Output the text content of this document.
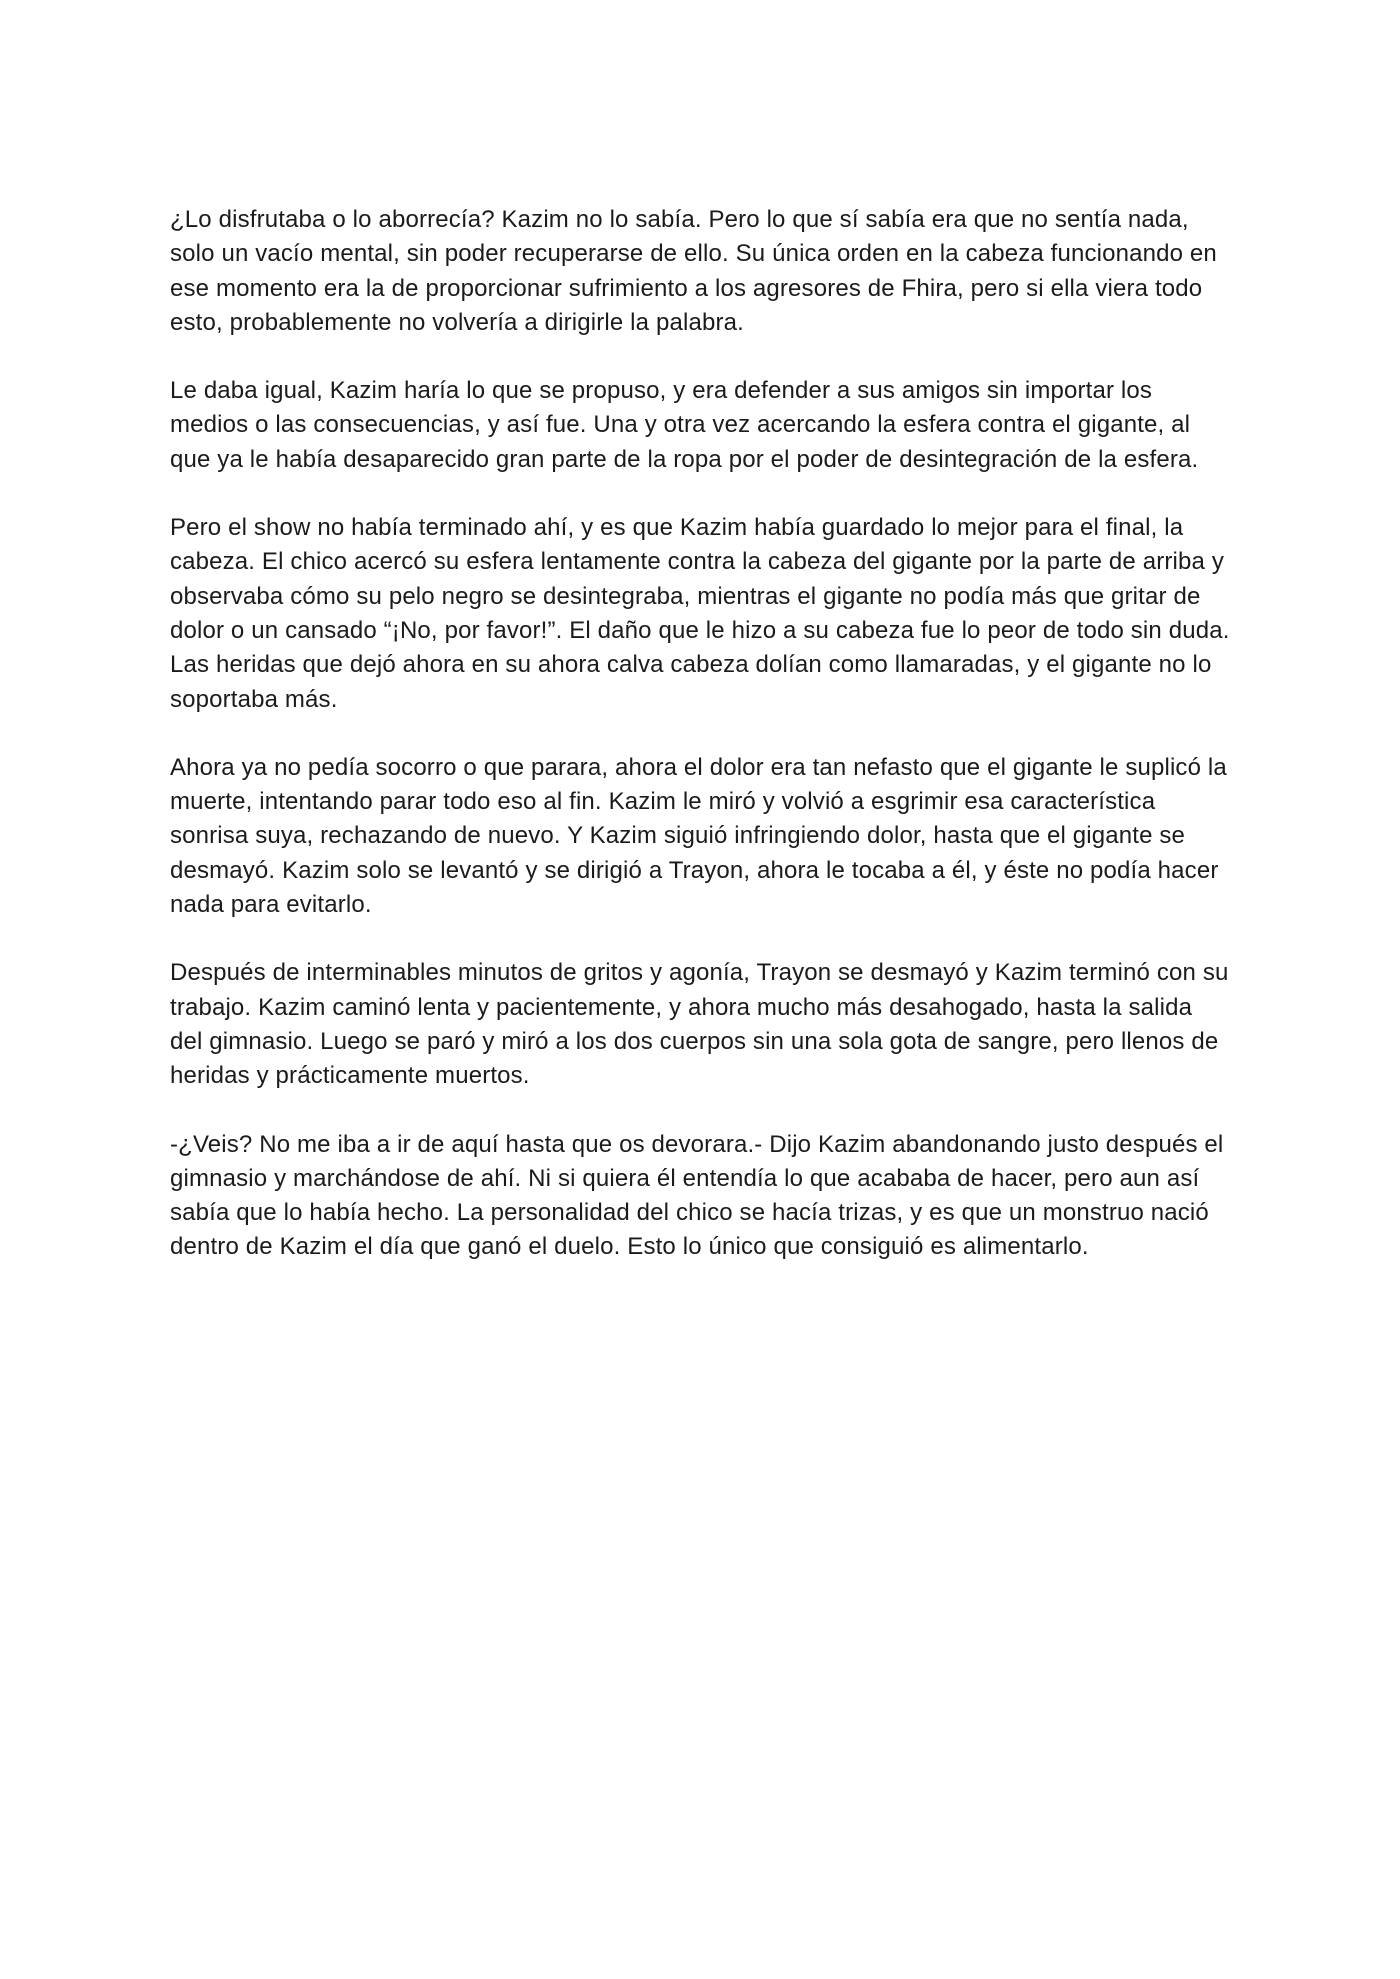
¿Lo disfrutaba o lo aborrecía? Kazim no lo sabía. Pero lo que sí sabía era que no sentía nada, solo un vacío mental, sin poder recuperarse de ello. Su única orden en la cabeza funcionando en ese momento era la de proporcionar sufrimiento a los agresores de Fhira, pero si ella viera todo esto, probablemente no volvería a dirigirle la palabra.

Le daba igual, Kazim haría lo que se propuso, y era defender a sus amigos sin importar los medios o las consecuencias, y así fue. Una y otra vez acercando la esfera contra el gigante, al que ya le había desaparecido gran parte de la ropa por el poder de desintegración de la esfera.

Pero el show no había terminado ahí, y es que Kazim había guardado lo mejor para el final, la cabeza. El chico acercó su esfera lentamente contra la cabeza del gigante por la parte de arriba y observaba cómo su pelo negro se desintegraba, mientras el gigante no podía más que gritar de dolor o un cansado “¡No, por favor!”. El daño que le hizo a su cabeza fue lo peor de todo sin duda. Las heridas que dejó ahora en su ahora calva cabeza dolían como llamaradas, y el gigante no lo soportaba más.

Ahora ya no pedía socorro o que parara, ahora el dolor era tan nefasto que el gigante le suplicó la muerte, intentando parar todo eso al fin. Kazim le miró y volvió a esgrimir esa característica sonrisa suya, rechazando de nuevo. Y Kazim siguió infringiendo dolor, hasta que el gigante se desmayó. Kazim solo se levantó y se dirigió a Trayon, ahora le tocaba a él, y éste no podía hacer nada para evitarlo.

Después de interminables minutos de gritos y agonía, Trayon se desmayó y Kazim terminó con su trabajo. Kazim caminó lenta y pacientemente, y ahora mucho más desahogado, hasta la salida del gimnasio. Luego se paró y miró a los dos cuerpos sin una sola gota de sangre, pero llenos de heridas y prácticamente muertos.

-¿Veis? No me iba a ir de aquí hasta que os devorara.- Dijo Kazim abandonando justo después el gimnasio y marchándose de ahí. Ni si quiera él entendía lo que acababa de hacer, pero aun así sabía que lo había hecho. La personalidad del chico se hacía trizas, y es que un monstruo nació dentro de Kazim el día que ganó el duelo. Esto lo único que consiguió es alimentarlo.
